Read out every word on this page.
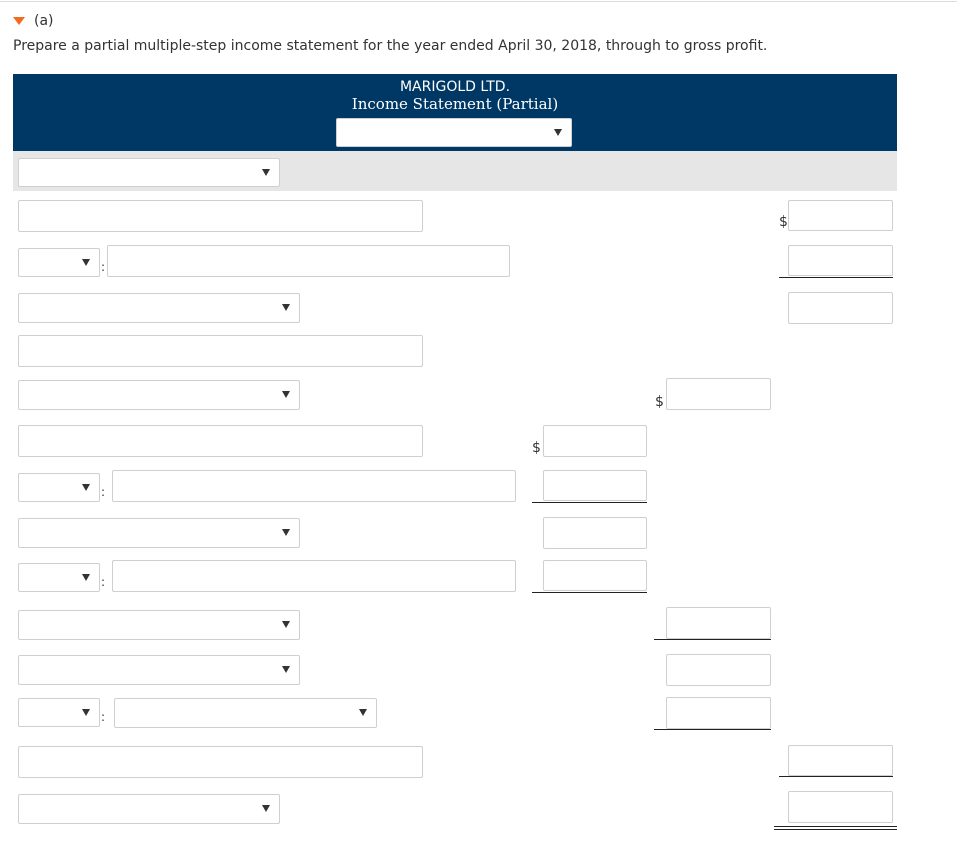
(a)
Prepare a partial multiple-step income statement for the year ended April 30, 2018, through to gross profit.
MARIGOLD LTD.
Income Statement (Partial)
$
:
$
$
:
:
:
